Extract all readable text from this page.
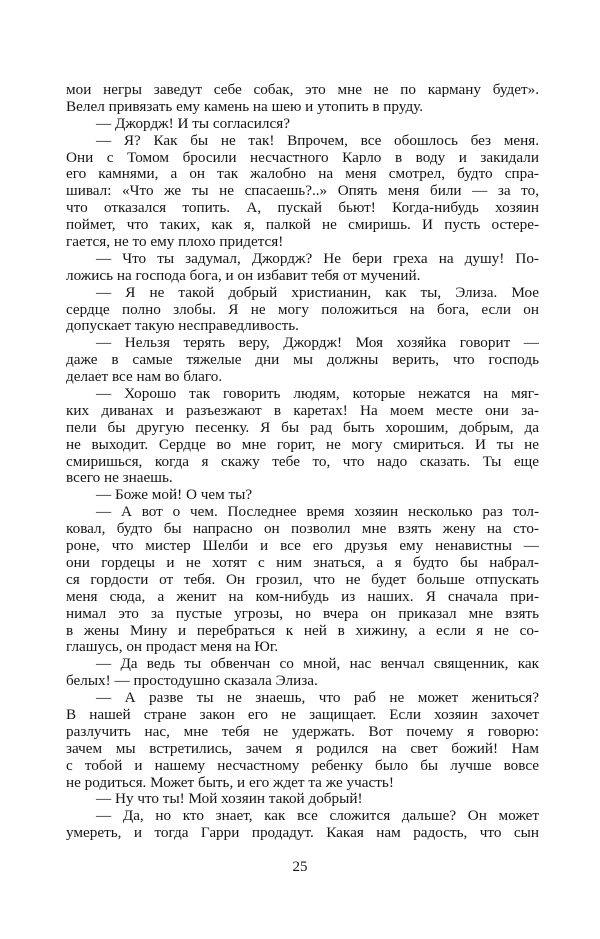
мои негры заведут себе собак, это мне не по карману будет».
Велел привязать ему камень на шею и утопить в пруду.
— Джордж! И ты согласился?
— Я? Как бы не так! Впрочем, все обошлось без меня.
Они с Томом бросили несчастного Карло в воду и закидали
его камнями, а он так жалобно на меня смотрел, будто спра-
шивал: «Что же ты не спасаешь?..» Опять меня били — за то,
что отказался топить. А, пускай бьют! Когда-нибудь хозяин
поймет, что таких, как я, палкой не смиришь. И пусть остере-
гается, не то ему плохо придется!
— Что ты задумал, Джордж? Не бери греха на душу! По-
ложись на господа бога, и он избавит тебя от мучений.
— Я не такой добрый христианин, как ты, Элиза. Мое
сердце полно злобы. Я не могу положиться на бога, если он
допускает такую несправедливость.
— Нельзя терять веру, Джордж! Моя хозяйка говорит —
даже в самые тяжелые дни мы должны верить, что господь
делает все нам во благо.
— Хорошо так говорить людям, которые нежатся на мяг-
ких диванах и разъезжают в каретах! На моем месте они за-
пели бы другую песенку. Я бы рад быть хорошим, добрым, да
не выходит. Сердце во мне горит, не могу смириться. И ты не
смиришься, когда я скажу тебе то, что надо сказать. Ты еще
всего не знаешь.
— Боже мой! О чем ты?
— А вот о чем. Последнее время хозяин несколько раз тол-
ковал, будто бы напрасно он позволил мне взять жену на сто-
роне, что мистер Шелби и все его друзья ему ненавистны —
они гордецы и не хотят с ним знаться, а я будто бы набрал-
ся гордости от тебя. Он грозил, что не будет больше отпускать
меня сюда, а женит на ком-нибудь из наших. Я сначала при-
нимал это за пустые угрозы, но вчера он приказал мне взять
в жены Мину и перебраться к ней в хижину, а если я не со-
глашусь, он продаст меня на Юг.
— Да ведь ты обвенчан со мной, нас венчал священник, как
белых! — простодушно сказала Элиза.
— А разве ты не знаешь, что раб не может жениться?
В нашей стране закон его не защищает. Если хозяин захочет
разлучить нас, мне тебя не удержать. Вот почему я говорю:
зачем мы встретились, зачем я родился на свет божий! Нам
с тобой и нашему несчастному ребенку было бы лучше вовсе
не родиться. Может быть, и его ждет та же участь!
— Ну что ты! Мой хозяин такой добрый!
— Да, но кто знает, как все сложится дальше? Он может
умереть, и тогда Гарри продадут. Какая нам радость, что сын
25
